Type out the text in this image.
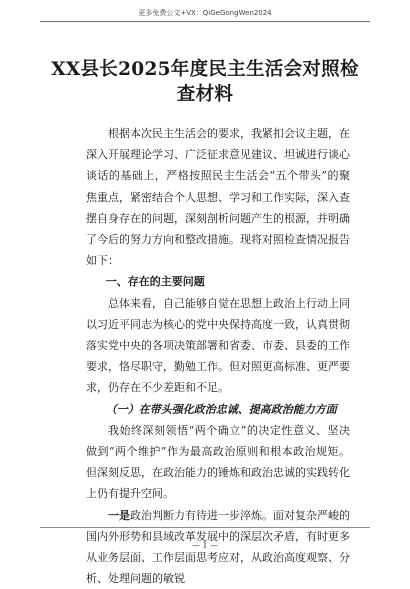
更多免费公文+VX：QiGeGongWen2024
XX县长2025年度民主生活会对照检查材料

根据本次民主生活会的要求，我紧扣会议主题，在深入开展理论学习、广泛征求意见建议、坦诚进行谈心谈话的基础上，严格按照民主生活会“五个带头”的聚焦重点，紧密结合个人思想、学习和工作实际，深入查摆自身存在的问题，深刻剖析问题产生的根源，并明确了今后的努力方向和整改措施。现将对照检查情况报告如下：

一、存在的主要问题

总体来看，自己能够自觉在思想上政治上行动上同以习近平同志为核心的党中央保持高度一致，认真贯彻落实党中央的各项决策部署和省委、市委、县委的工作要求，恪尽职守，勤勉工作。但对照更高标准、更严要求，仍存在不少差距和不足。

（一）在带头强化政治忠诚、提高政治能力方面

我始终深刻领悟“两个确立”的决定性意义、坚决做到“两个维护”作为最高政治原则和根本政治规矩。但深刻反思，在政治能力的锤炼和政治忠诚的实践转化上仍有提升空间。

一是政治判断力有待进一步淬炼。面对复杂严峻的国内外形势和县域改革发展中的深层次矛盾，有时更多从业务层面、工作层面思考应对，从政治高度观察、分析、处理问题的敏锐

— 1 —
